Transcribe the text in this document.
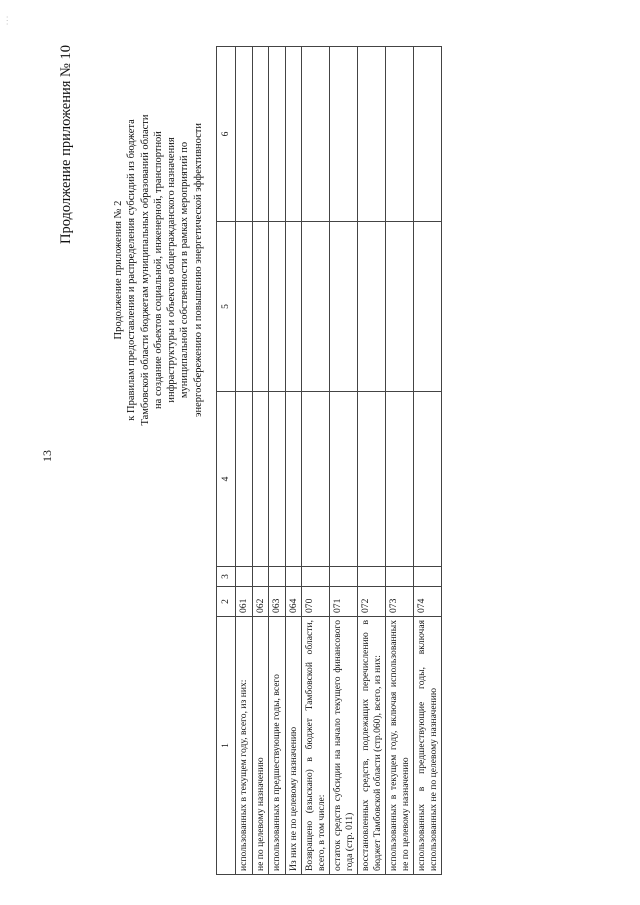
13
· · ·
Продолжение приложения № 10
Продолжение приложения № 2 к Правилам предоставления и распределения субсидий из бюджета Тамбовской области бюджетам муниципальных образований области на создание объектов социальной, инженерной, транспортной инфраструктуры и объектов общегражданского назначения муниципальной собственности в рамках мероприятий по энергосбережению и повышению энергетической эффективности
1	2	3	4	5	6
использованных в текущем году, всего, из них:	061				
не по целевому назначению	062				
использованных в предшествующие годы, всего	063				
Из них не по целевому назначению	064				
Возвращено (взыскано) в бюджет Тамбовской области, всего, в том числе:	070				
остаток средств субсидии на начало текущего финансового года (стр. 011)	071				
восстановленных средств, подлежащих перечислению в бюджет Тамбовской области (стр.060), всего, из них:	072				
использованных в текущем году, включая использованных не по целевому назначению	073				
использованных в предшествующие годы, включая использованных не по целевому назначению	074				
